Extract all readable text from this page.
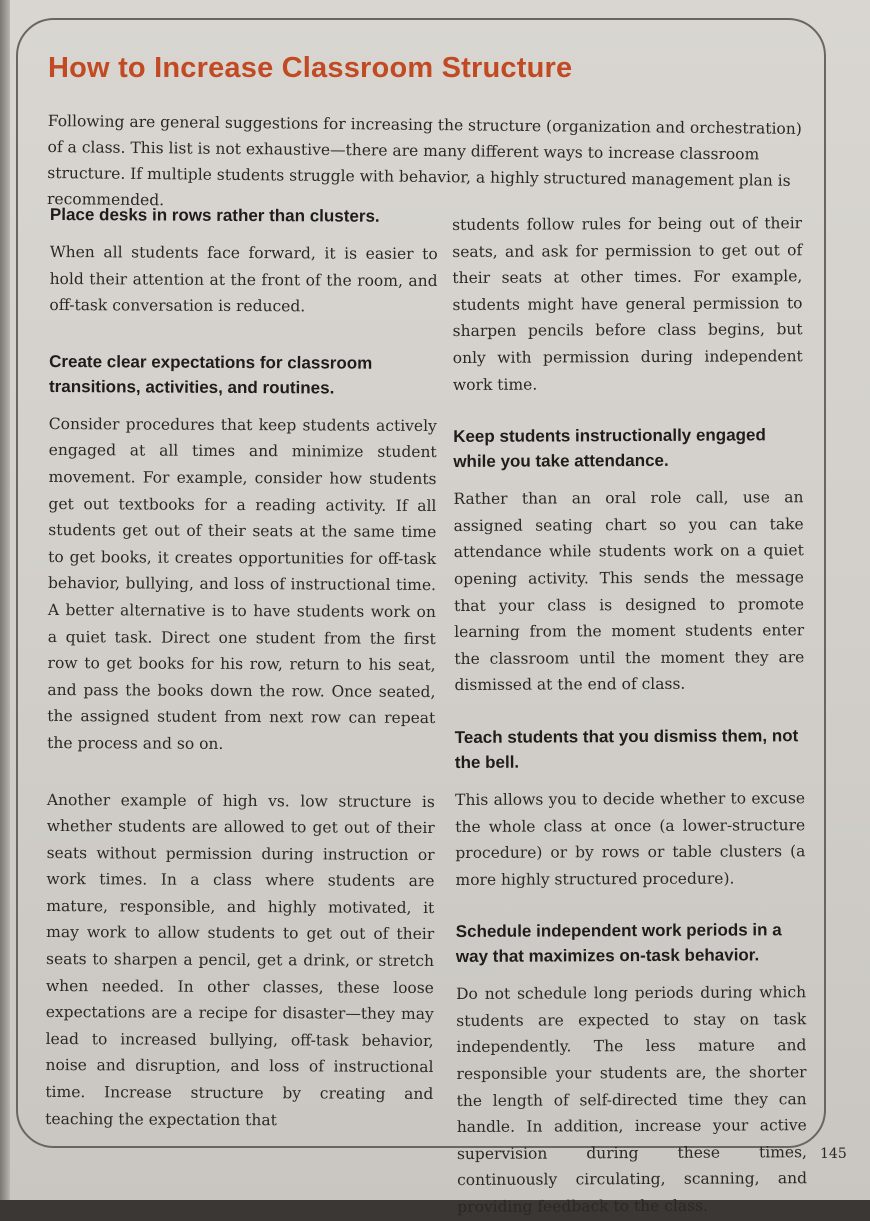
How to Increase Classroom Structure

Following are general suggestions for increasing the structure (organization and orchestration) of a class. This list is not exhaustive—there are many different ways to increase classroom structure. If multiple students struggle with behavior, a highly structured management plan is recommended.

Place desks in rows rather than clusters.

When all students face forward, it is easier to hold their attention at the front of the room, and off-task conversation is reduced.

Create clear expectations for classroom transitions, activities, and routines.

Consider procedures that keep students actively engaged at all times and minimize student movement. For example, consider how students get out textbooks for a reading activity. If all students get out of their seats at the same time to get books, it creates opportunities for off-task behavior, bullying, and loss of instructional time. A better alternative is to have students work on a quiet task. Direct one student from the first row to get books for his row, return to his seat, and pass the books down the row. Once seated, the assigned student from next row can repeat the process and so on.

Another example of high vs. low structure is whether students are allowed to get out of their seats without permission during instruction or work times. In a class where students are mature, responsible, and highly motivated, it may work to allow students to get out of their seats to sharpen a pencil, get a drink, or stretch when needed. In other classes, these loose expectations are a recipe for disaster—they may lead to increased bullying, off-task behavior, noise and disruption, and loss of instructional time. Increase structure by creating and teaching the expectation that

students follow rules for being out of their seats, and ask for permission to get out of their seats at other times. For example, students might have general permission to sharpen pencils before class begins, but only with permission during independent work time.

Keep students instructionally engaged while you take attendance.

Rather than an oral role call, use an assigned seating chart so you can take attendance while students work on a quiet opening activity. This sends the message that your class is designed to promote learning from the moment students enter the classroom until the moment they are dismissed at the end of class.

Teach students that you dismiss them, not the bell.

This allows you to decide whether to excuse the whole class at once (a lower-structure procedure) or by rows or table clusters (a more highly structured procedure).

Schedule independent work periods in a way that maximizes on-task behavior.

Do not schedule long periods during which students are expected to stay on task independently. The less mature and responsible your students are, the shorter the length of self-directed time they can handle. In addition, increase your active supervision during these times, continuously circulating, scanning, and providing feedback to the class.

145
